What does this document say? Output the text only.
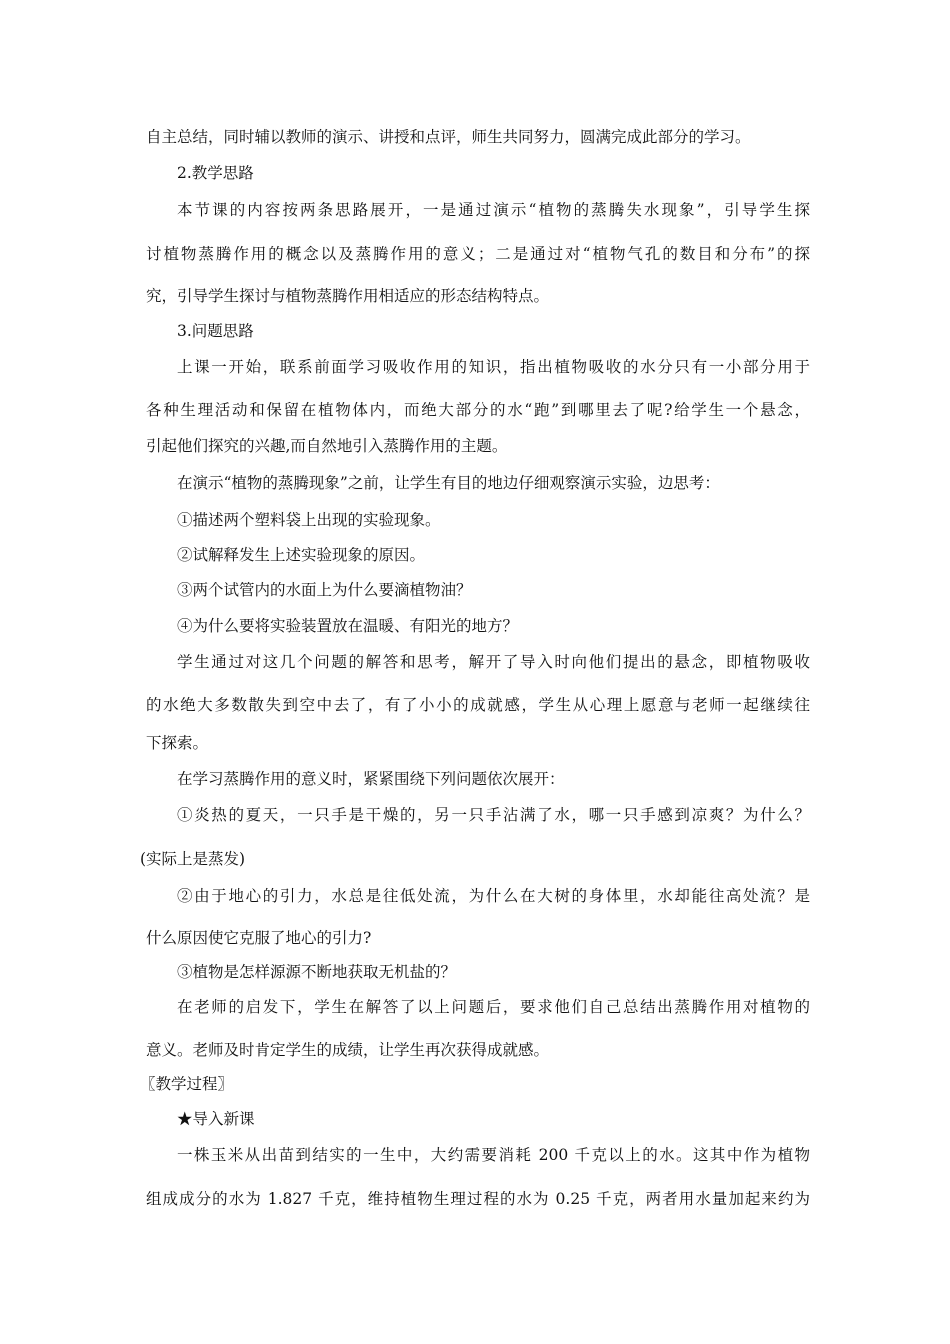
自主总结，同时辅以教师的演示、讲授和点评，师生共同努力，圆满完成此部分的学习。
2.教学思路
本节课的内容按两条思路展开，一是通过演示“植物的蒸腾失水现象”，引导学生探
讨植物蒸腾作用的概念以及蒸腾作用的意义；二是通过对“植物气孔的数目和分布”的探
究，引导学生探讨与植物蒸腾作用相适应的形态结构特点。
3.问题思路
上课一开始，联系前面学习吸收作用的知识，指出植物吸收的水分只有一小部分用于
各种生理活动和保留在植物体内，而绝大部分的水“跑”到哪里去了呢?给学生一个悬念，
引起他们探究的兴趣,而自然地引入蒸腾作用的主题。
在演示“植物的蒸腾现象”之前，让学生有目的地边仔细观察演示实验，边思考：
①描述两个塑料袋上出现的实验现象。
②试解释发生上述实验现象的原因。
③两个试管内的水面上为什么要滴植物油？
④为什么要将实验装置放在温暖、有阳光的地方？
学生通过对这几个问题的解答和思考，解开了导入时向他们提出的悬念，即植物吸收
的水绝大多数散失到空中去了，有了小小的成就感，学生从心理上愿意与老师一起继续往
下探索。
在学习蒸腾作用的意义时，紧紧围绕下列问题依次展开：
①炎热的夏天，一只手是干燥的，另一只手沾满了水，哪一只手感到凉爽？为什么？
(实际上是蒸发)
②由于地心的引力，水总是往低处流，为什么在大树的身体里，水却能往高处流？是
什么原因使它克服了地心的引力?
③植物是怎样源源不断地获取无机盐的？
在老师的启发下，学生在解答了以上问题后，要求他们自己总结出蒸腾作用对植物的
意义。老师及时肯定学生的成绩，让学生再次获得成就感。
〖教学过程〗
★导入新课
一株玉米从出苗到结实的一生中，大约需要消耗 200 千克以上的水。这其中作为植物
组成成分的水为 1.827 千克，维持植物生理过程的水为 0.25 千克，两者用水量加起来约为
